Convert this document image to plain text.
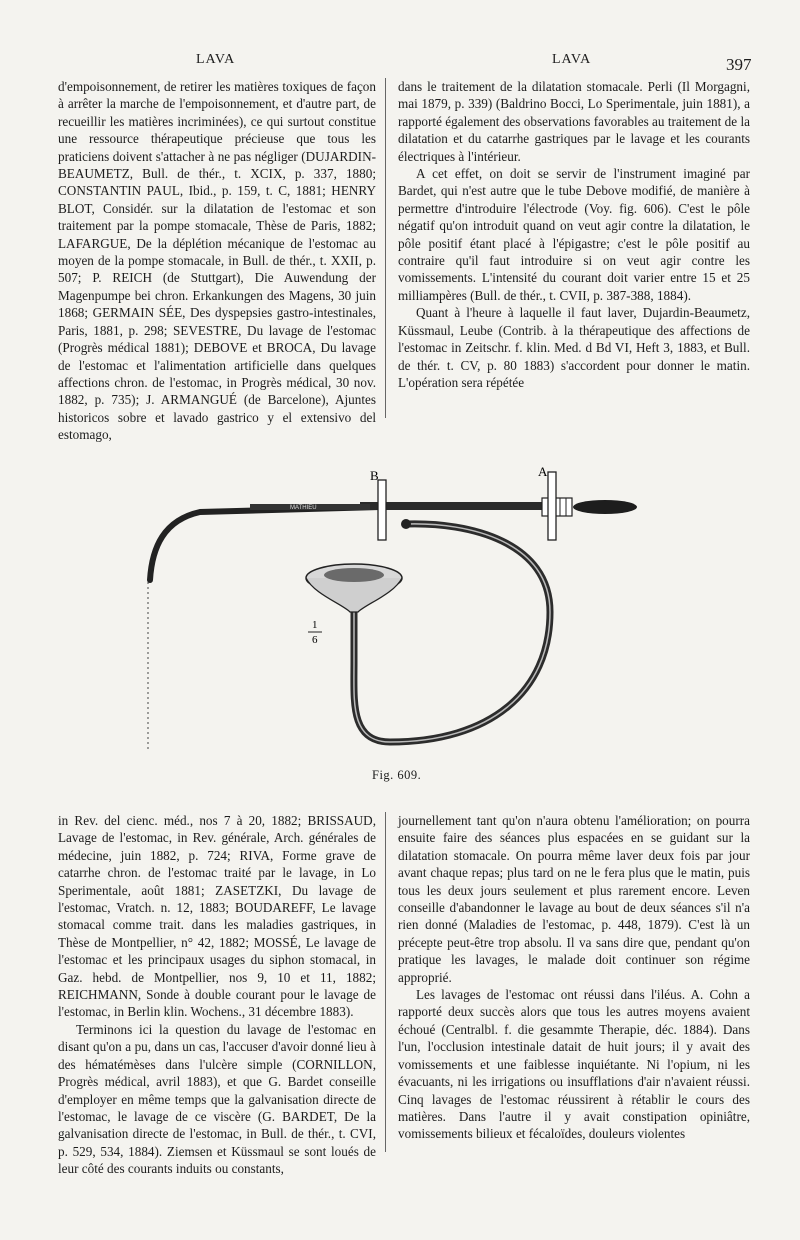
LAVA	LAVA	397

d'empoisonnement, de retirer les matières toxiques de façon à arrêter la marche de l'empoisonnement, et d'autre part, de recueillir les matières incriminées), ce qui surtout constitue une ressource thérapeutique précieuse que tous les praticiens doivent s'attacher à ne pas négliger (DUJARDIN-BEAUMETZ, Bull. de thér., t. XCIX, p. 337, 1880; CONSTANTIN PAUL, Ibid., p. 159, t. C, 1881; HENRY BLOT, Considér. sur la dilatation de l'estomac et son traitement par la pompe stomacale, Thèse de Paris, 1882; LAFARGUE, De la déplétion mécanique de l'estomac au moyen de la pompe stomacale, in Bull. de thér., t. XXII, p. 507; P. REICH (de Stuttgart), Die Auwendung der Magenpumpe bei chron. Erkankungen des Magens, 30 juin 1868; GERMAIN SÉE, Des dyspepsies gastro-intestinales, Paris, 1881, p. 298; SEVESTRE, Du lavage de l'estomac (Progrès médical 1881); DEBOVE et BROCA, Du lavage de l'estomac et l'alimentation artificielle dans quelques affections chron. de l'estomac, in Progrès médical, 30 nov. 1882, p. 735); J. ARMANGUÉ (de Barcelone), Ajuntes historicos sobre et lavado gastrico y el extensivo del estomago,

dans le traitement de la dilatation stomacale. Perli (Il Morgagni, mai 1879, p. 339) (Baldrino Bocci, Lo Sperimentale, juin 1881), a rapporté également des observations favorables au traitement de la dilatation et du catarrhe gastriques par le lavage et les courants électriques à l'intérieur.

A cet effet, on doit se servir de l'instrument imaginé par Bardet, qui n'est autre que le tube Debove modifié, de manière à permettre d'introduire l'électrode (Voy. fig. 606). C'est le pôle négatif qu'on introduit quand on veut agir contre la dilatation, le pôle positif étant placé à l'épigastre; c'est le pôle positif au contraire qu'il faut introduire si on veut agir contre les vomissements. L'intensité du courant doit varier entre 15 et 25 milliampères (Bull. de thér., t. CVII, p. 387-388, 1884).

Quant à l'heure à laquelle il faut laver, Dujardin-Beaumetz, Küssmaul, Leube (Contrib. à la thérapeutique des affections de l'estomac in Zeitschr. f. klin. Med. d Bd VI, Heft 3, 1883, et Bull. de thér. t. CV, p. 80 1883) s'accordent pour donner le matin. L'opération sera répétée

B	A
MATHIEU
1
6
Fig. 609.

in Rev. del cienc. méd., nos 7 à 20, 1882; BRISSAUD, Lavage de l'estomac, in Rev. générale, Arch. générales de médecine, juin 1882, p. 724; RIVA, Forme grave de catarrhe chron. de l'estomac traité par le lavage, in Lo Sperimentale, août 1881; ZASETZKI, Du lavage de l'estomac, Vratch. n. 12, 1883; BOUDAREFF, Le lavage stomacal comme trait. dans les maladies gastriques, in Thèse de Montpellier, n° 42, 1882; MOSSÉ, Le lavage de l'estomac et les principaux usages du siphon stomacal, in Gaz. hebd. de Montpellier, nos 9, 10 et 11, 1882; REICHMANN, Sonde à double courant pour le lavage de l'estomac, in Berlin klin. Wochens., 31 décembre 1883).

Terminons ici la question du lavage de l'estomac en disant qu'on a pu, dans un cas, l'accuser d'avoir donné lieu à des hématémèses dans l'ulcère simple (CORNILLON, Progrès médical, avril 1883), et que G. Bardet conseille d'employer en même temps que la galvanisation directe de l'estomac, le lavage de ce viscère (G. BARDET, De la galvanisation directe de l'estomac, in Bull. de thér., t. CVI, p. 529, 534, 1884). Ziemsen et Küssmaul se sont loués de leur côté des courants induits ou constants,

journellement tant qu'on n'aura obtenu l'amélioration; on pourra ensuite faire des séances plus espacées en se guidant sur la dilatation stomacale. On pourra même laver deux fois par jour avant chaque repas; plus tard on ne le fera plus que le matin, puis tous les deux jours seulement et plus rarement encore. Leven conseille d'abandonner le lavage au bout de deux séances s'il n'a rien donné (Maladies de l'estomac, p. 448, 1879). C'est là un précepte peut-être trop absolu. Il va sans dire que, pendant qu'on pratique les lavages, le malade doit continuer son régime approprié.

Les lavages de l'estomac ont réussi dans l'iléus. A. Cohn a rapporté deux succès alors que tous les autres moyens avaient échoué (Centralbl. f. die gesammte Therapie, déc. 1884). Dans l'un, l'occlusion intestinale datait de huit jours; il y avait des vomissements et une faiblesse inquiétante. Ni l'opium, ni les évacuants, ni les irrigations ou insufflations d'air n'avaient réussi. Cinq lavages de l'estomac réussirent à rétablir le cours des matières. Dans l'autre il y avait constipation opiniâtre, vomissements bilieux et fécaloïdes, douleurs violentes
